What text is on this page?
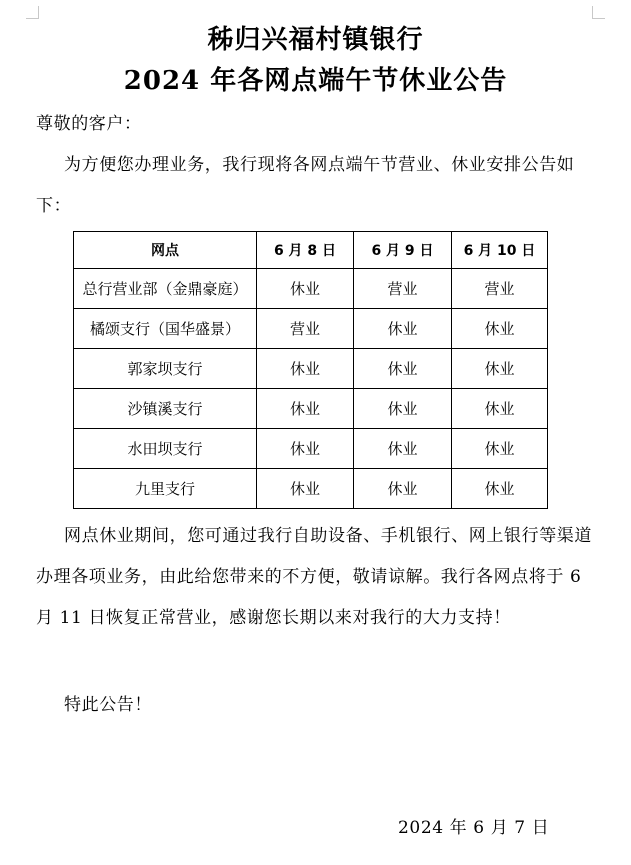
秭归兴福村镇银行
2024 年各网点端午节休业公告
尊敬的客户：
为方便您办理业务，我行现将各网点端午节营业、休业安排公告如下：
网点	6 月 8 日	6 月 9 日	6 月 10 日
总行营业部（金鼎豪庭）	休业	营业	营业
橘颂支行（国华盛景）	营业	休业	休业
郭家坝支行	休业	休业	休业
沙镇溪支行	休业	休业	休业
水田坝支行	休业	休业	休业
九里支行	休业	休业	休业
网点休业期间，您可通过我行自助设备、手机银行、网上银行等渠道办理各项业务，由此给您带来的不方便，敬请谅解。我行各网点将于 6 月 11 日恢复正常营业，感谢您长期以来对我行的大力支持！
特此公告！
2024 年 6 月 7 日
